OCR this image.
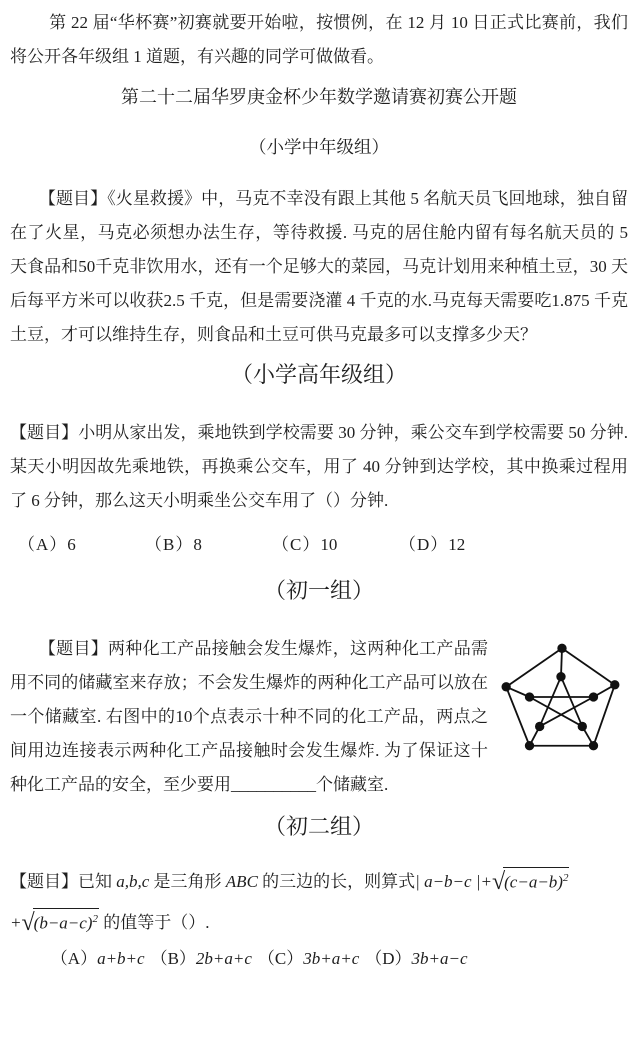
第 22 届“华杯赛”初赛就要开始啦，按惯例，在 12 月 10 日正式比赛前，我们将公开各年级组 1 道题，有兴趣的同学可做做看。

第二十二届华罗庚金杯少年数学邀请赛初赛公开题

（小学中年级组）

【题目】《火星救援》中，马克不幸没有跟上其他 5 名航天员飞回地球，独自留在了火星，马克必须想办法生存，等待救援. 马克的居住舱内留有每名航天员的 5 天食品和50千克非饮用水，还有一个足够大的菜园，马克计划用来种植土豆，30 天后每平方米可以收获2.5 千克，但是需要浇灌 4 千克的水.马克每天需要吃1.875 千克土豆，才可以维持生存，则食品和土豆可供马克最多可以支撑多少天？

（小学高年级组）

【题目】小明从家出发，乘地铁到学校需要 30 分钟，乘公交车到学校需要 50 分钟. 某天小明因故先乘地铁，再换乘公交车，用了 40 分钟到达学校，其中换乘过程用了 6 分钟，那么这天小明乘坐公交车用了（）分钟.

（A）6	（B）8	（C）10	（D）12

（初一组）

【题目】两种化工产品接触会发生爆炸，这两种化工产品需用不同的储藏室来存放；不会发生爆炸的两种化工产品可以放在一个储藏室. 右图中的10个点表示十种不同的化工产品，两点之间用边连接表示两种化工产品接触时会发生爆炸. 为了保证这十种化工产品的安全，至少要用__________个储藏室.

（初二组）

【题目】已知 a,b,c 是三角形 ABC 的三边的长，则算式| a−b−c |+ √ $(c-a-b)^2$

+ √ $(b-a-c)^2$ 的值等于（）.

（A）a+b+c （B）2b+a+c （C）3b+a+c （D）3b+a−c
